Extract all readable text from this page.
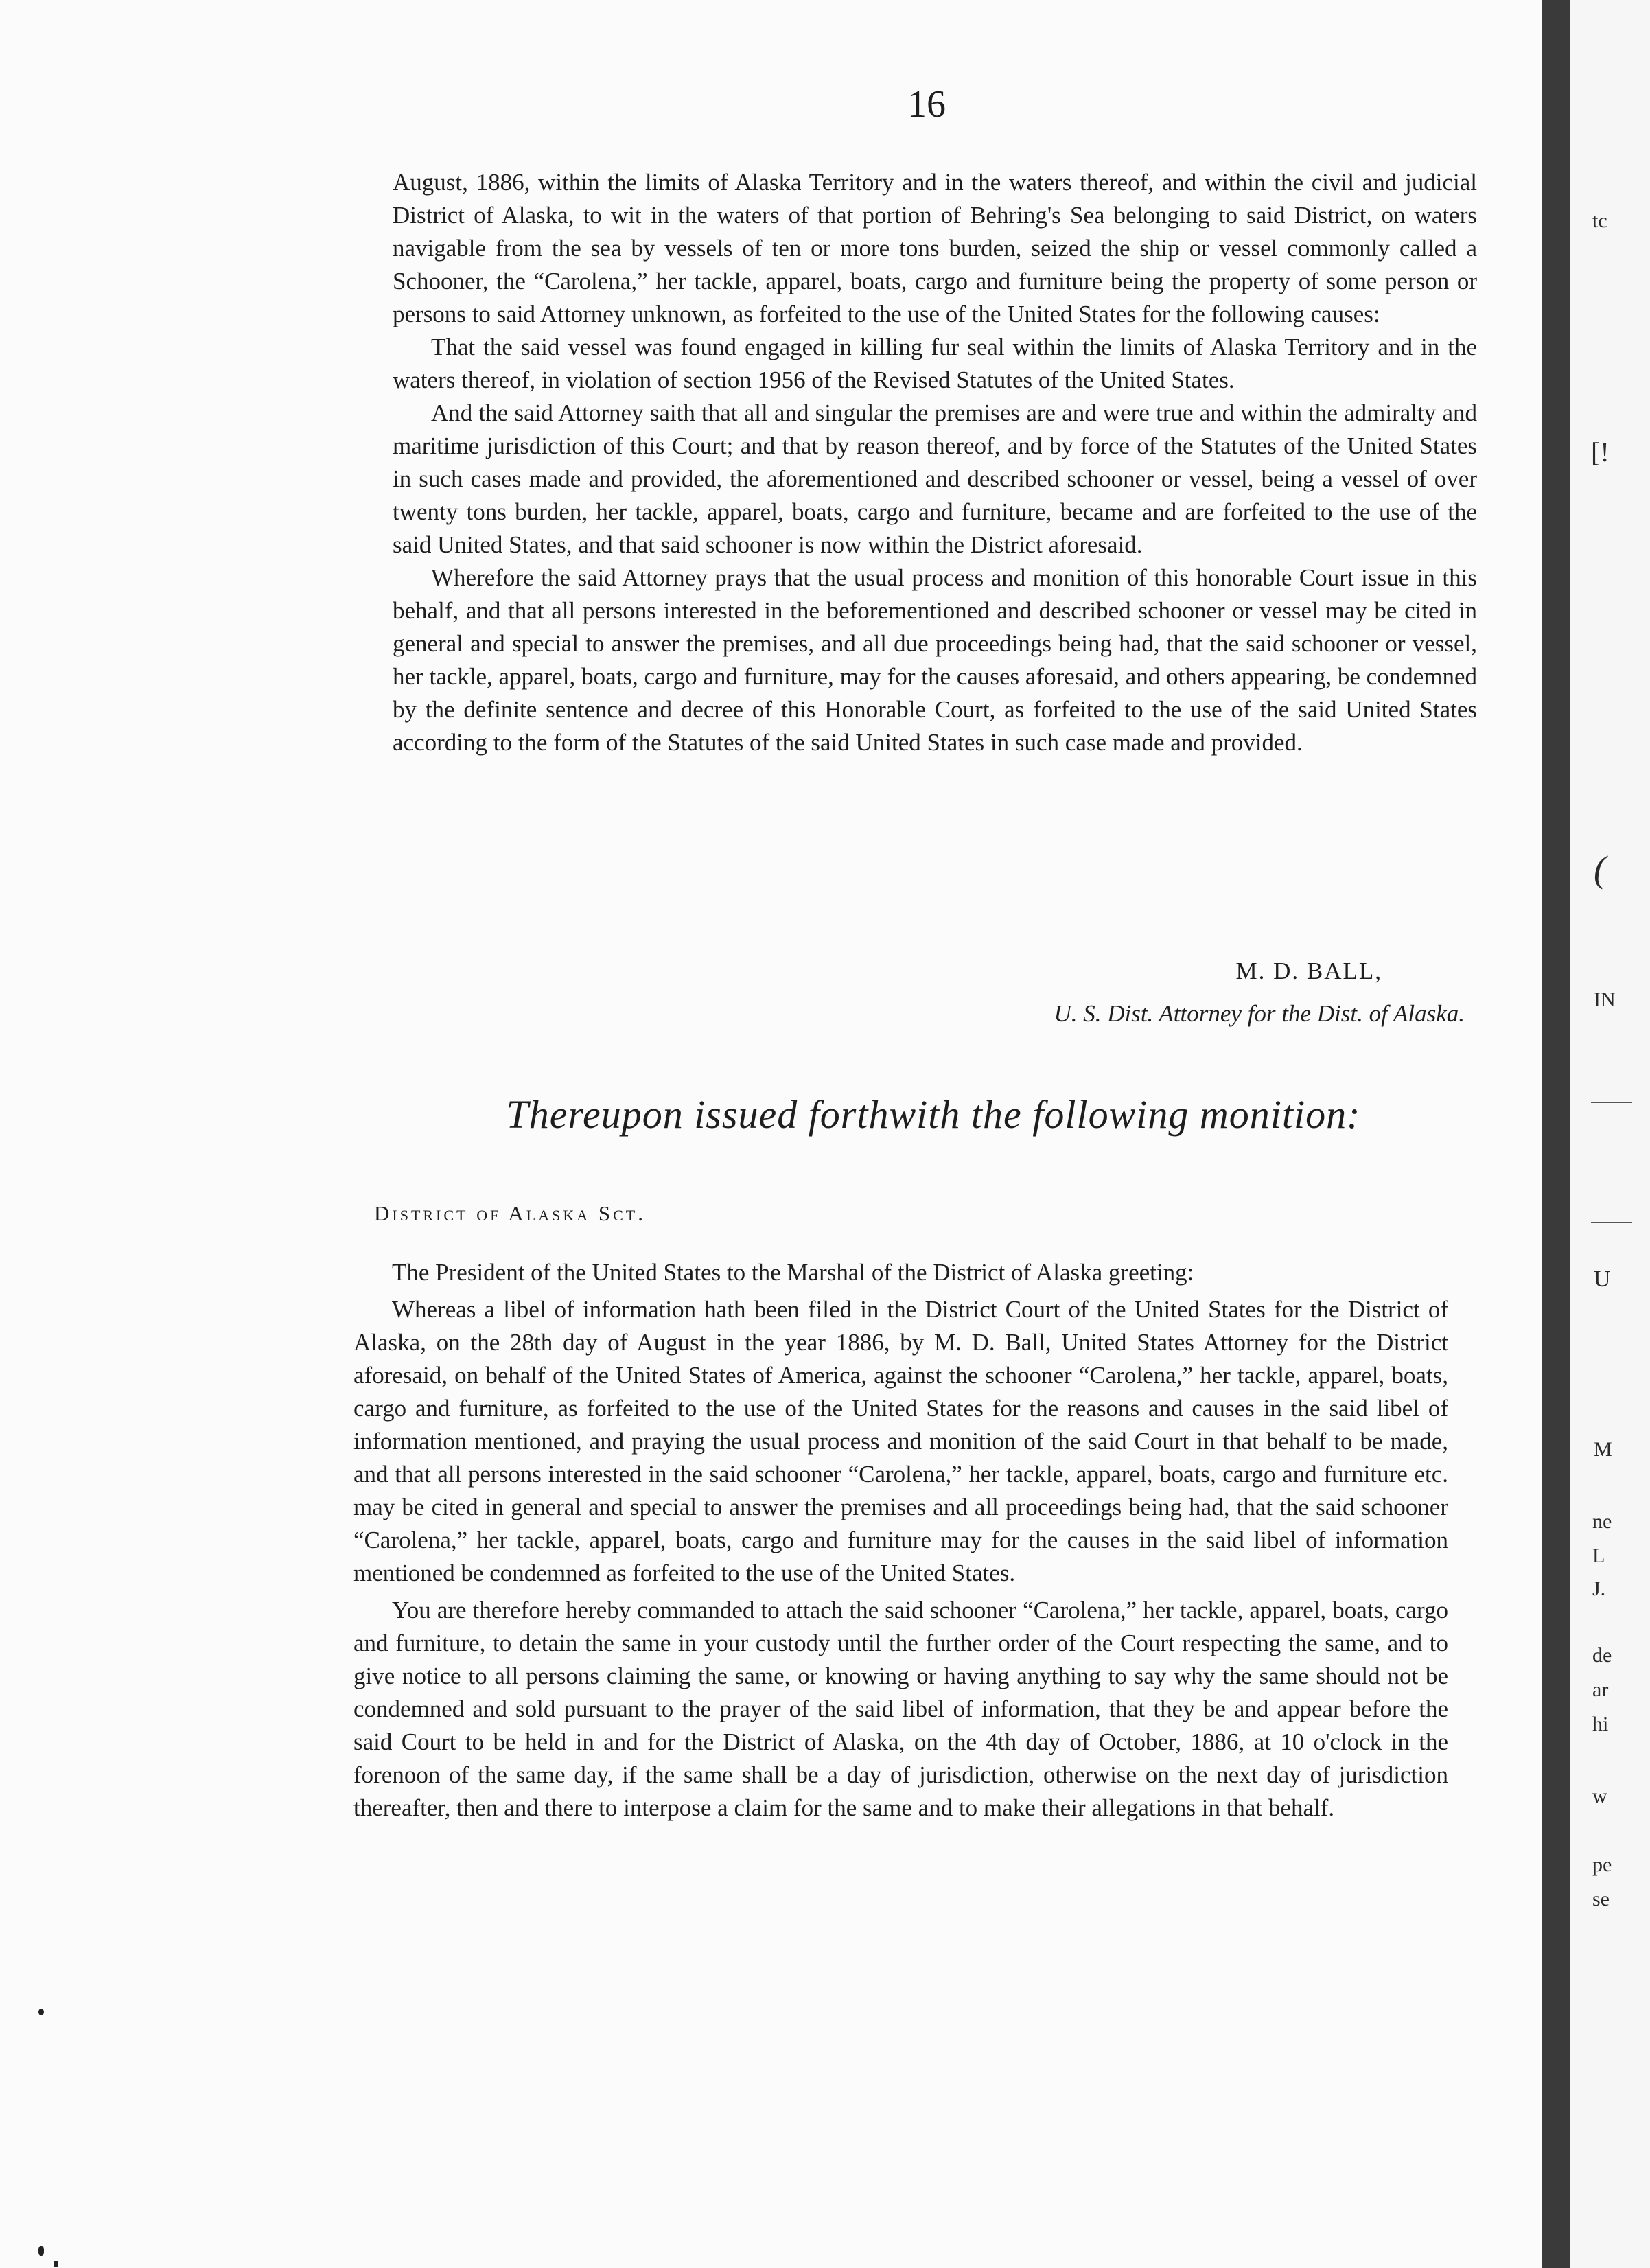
16

August, 1886, within the limits of Alaska Territory and in the waters thereof, and within the civil and judicial District of Alaska, to wit in the waters of that portion of Behring's Sea belonging to said District, on waters navigable from the sea by vessels of ten or more tons burden, seized the ship or vessel commonly called a Schooner, the “Carolena,” her tackle, apparel, boats, cargo and furniture being the property of some person or persons to said Attorney unknown, as forfeited to the use of the United States for the following causes:

That the said vessel was found engaged in killing fur seal within the limits of Alaska Territory and in the waters thereof, in violation of section 1956 of the Revised Statutes of the United States.

And the said Attorney saith that all and singular the premises are and were true and within the admiralty and maritime jurisdiction of this Court; and that by reason thereof, and by force of the Statutes of the United States in such cases made and provided, the aforementioned and described schooner or vessel, being a vessel of over twenty tons burden, her tackle, apparel, boats, cargo and furniture, became and are forfeited to the use of the said United States, and that said schooner is now within the District aforesaid.

Wherefore the said Attorney prays that the usual process and monition of this honorable Court issue in this behalf, and that all persons interested in the beforementioned and described schooner or vessel may be cited in general and special to answer the premises, and all due proceedings being had, that the said schooner or vessel, her tackle, apparel, boats, cargo and furniture, may for the causes aforesaid, and others appearing, be condemned by the definite sentence and decree of this Honorable Court, as forfeited to the use of the said United States according to the form of the Statutes of the said United States in such case made and provided.

M. D. BALL,
U. S. Dist. Attorney for the Dist. of Alaska.
Thereupon issued forthwith the following monition:
District of Alaska Sct.

The President of the United States to the Marshal of the District of Alaska greeting:

Whereas a libel of information hath been filed in the District Court of the United States for the District of Alaska, on the 28th day of August in the year 1886, by M. D. Ball, United States Attorney for the District aforesaid, on behalf of the United States of America, against the schooner “Carolena,” her tackle, apparel, boats, cargo and furniture, as forfeited to the use of the United States for the reasons and causes in the said libel of information mentioned, and praying the usual process and monition of the said Court in that behalf to be made, and that all persons interested in the said schooner “Carolena,” her tackle, apparel, boats, cargo and furniture etc. may be cited in general and special to answer the premises and all proceedings being had, that the said schooner “Carolena,” her tackle, apparel, boats, cargo and furniture may for the causes in the said libel of information mentioned be condemned as forfeited to the use of the United States.

You are therefore hereby commanded to attach the said schooner “Carolena,” her tackle, apparel, boats, cargo and furniture, to detain the same in your custody until the further order of the Court respecting the same, and to give notice to all persons claiming the same, or knowing or having anything to say why the same should not be condemned and sold pursuant to the prayer of the said libel of information, that they be and appear before the said Court to be held in and for the District of Alaska, on the 4th day of October, 1886, at 10 o'clock in the forenoon of the same day, if the same shall be a day of jurisdiction, otherwise on the next day of jurisdiction thereafter, then and there to interpose a claim for the same and to make their allegations in that behalf.

tc
[!
(
IN
U
M
ne
L
J.
de
ar
hi
w
pe
se
